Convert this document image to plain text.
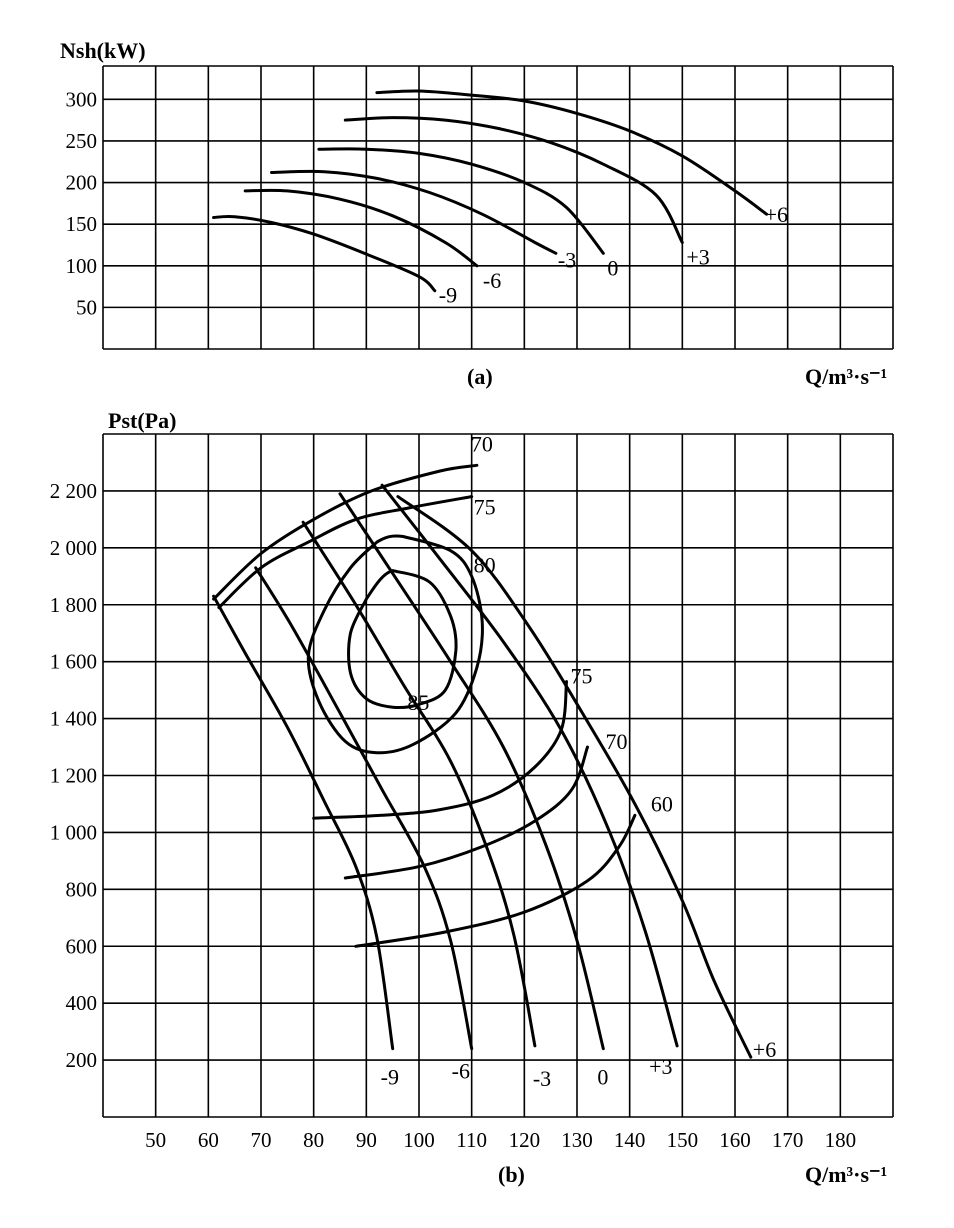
-9
-6
-3 0	+3
+6
300
250
200
150
100
50
Nsh(kW)
Q/m³·s⁻¹
(a)
-9 -6	-3 0 +3
+6
85
80
75
75
70
70
60
2 200
2 000
1 800
1 600
1 400
1 200
1 000
800
600
400
200
50 60 70 80 90 100 110 120 130 140 150 160 170 180
Pst(Pa)
Q/m³·s⁻¹
(b)
